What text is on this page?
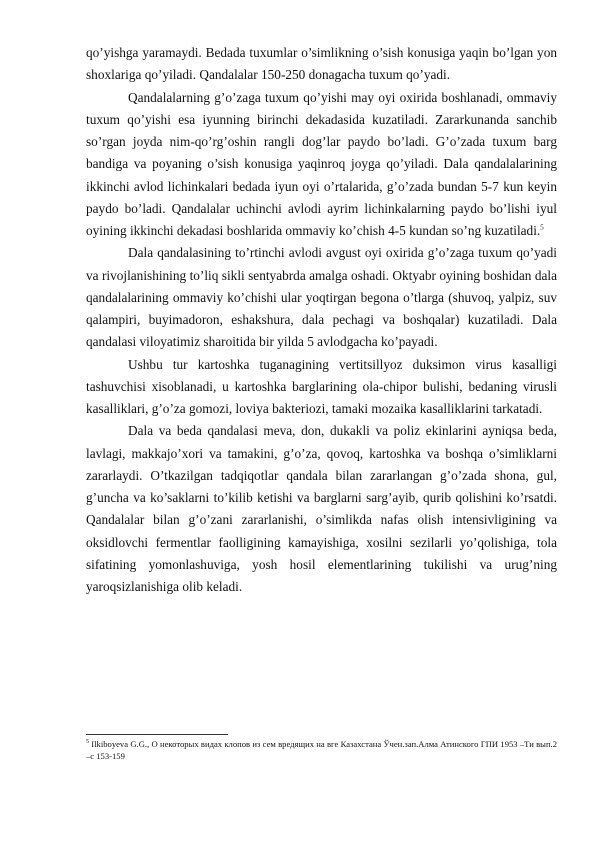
qo’yishga yaramaydi. Bedada tuxumlar o’simlikning o’sish konusiga yaqin bo’lgan yon shoxlariga qo’yiladi. Qandalalar 150-250 donagacha tuxum qo’yadi.

Qandalalarning g’o’zaga tuxum qo’yishi may oyi oxirida boshlanadi, ommaviy tuxum qo’yishi esa iyunning birinchi dekadasida kuzatiladi. Zararkunanda sanchib so’rgan joyda nim-qo’rg’oshin rangli dog’lar paydo bo’ladi. G’o’zada tuxum barg bandiga va poyaning o’sish konusiga yaqinroq joyga qo’yiladi. Dala qandalalarining ikkinchi avlod lichinkalari bedada iyun oyi o’rtalarida, g’o’zada bundan 5-7 kun keyin paydo bo’ladi. Qandalalar uchinchi avlodi ayrim lichinkalarning paydo bo’lishi iyul oyining ikkinchi dekadasi boshlarida ommaviy ko’chish 4-5 kundan so’ng kuzatiladi.$^5$

Dala qandalasining to’rtinchi avlodi avgust oyi oxirida g’o’zaga tuxum qo’yadi va rivojlanishining to’liq sikli sentyabrda amalga oshadi. Oktyabr oyining boshidan dala qandalalarining ommaviy ko’chishi ular yoqtirgan begona o’tlarga (shuvoq, yalpiz, suv qalampiri, buyimadoron, eshakshura, dala pechagi va boshqalar) kuzatiladi. Dala qandalasi viloyatimiz sharoitida bir yilda 5 avlodgacha ko’payadi.

Ushbu tur kartoshka tuganagining vertitsillyoz duksimon virus kasalligi tashuvchisi xisoblanadi, u kartoshka barglarining ola-chipor bulishi, bedaning virusli kasalliklari, g’o’za gomozi, loviya bakteriozi, tamaki mozaika kasalliklarini tarkatadi.

Dala va beda qandalasi meva, don, dukakli va poliz ekinlarini ayniqsa beda, lavlagi, makkajo’xori va tamakini, g’o’za, qovoq, kartoshka va boshqa o’simliklarni zararlaydi. O’tkazilgan tadqiqotlar qandala bilan zararlangan g’o’zada shona, gul, g’uncha va ko’saklarni to’kilib ketishi va barglarni sarg’ayib, qurib qolishini ko’rsatdi. Qandalalar bilan g’o’zani zararlanishi, o’simlikda nafas olish intensivligining va oksidlovchi fermentlar faolligining kamayishiga, xosilni sezilarli yo’qolishiga, tola sifatining yomonlashuviga, yosh hosil elementlarining tukilishi va urug’ning yaroqsizlanishiga olib keladi.

$^5$ Ilkiboyeva G.G., О некоторых видах клопов из сем вредящих на вге Казахстана Ўчен.зап.Алма Атинского ГПИ 1953 –Ти вып.2 –с 153-159
